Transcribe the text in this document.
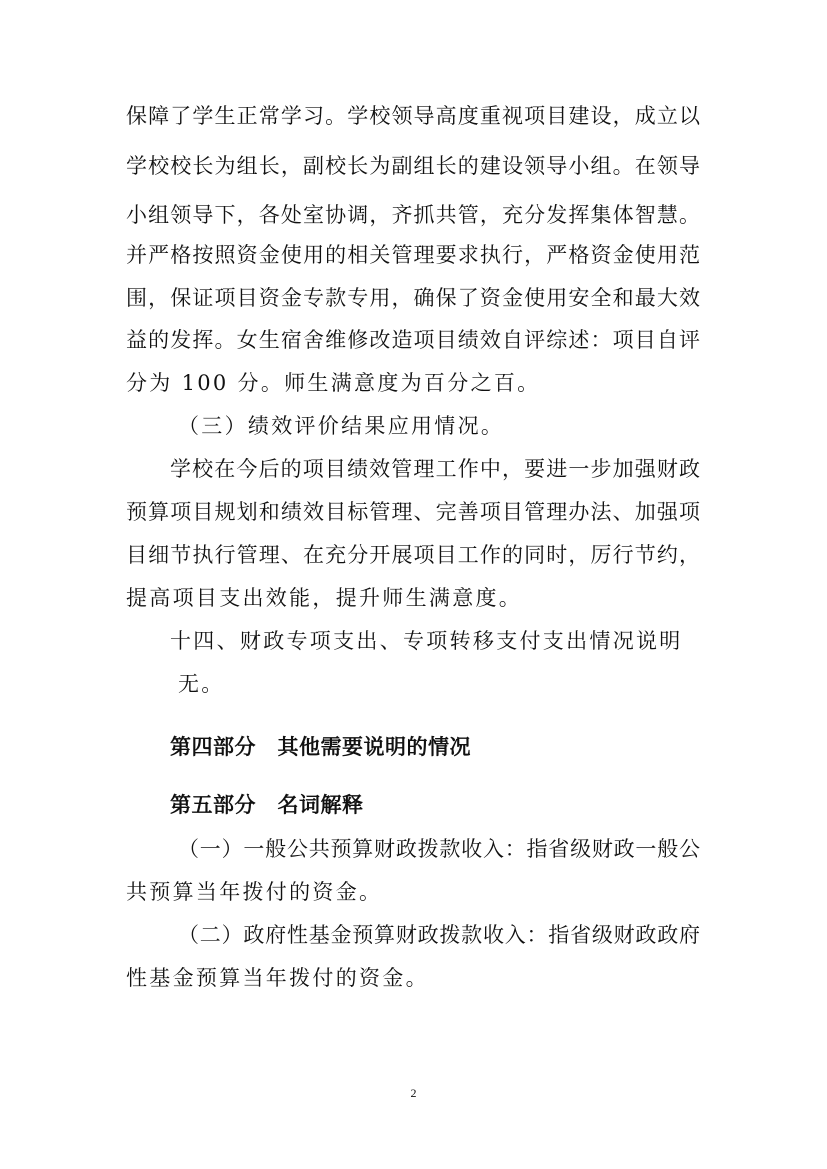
保障了学生正常学习。学校领导高度重视项目建设，成立以
学校校长为组长，副校长为副组长的建设领导小组。在领导
小组领导下，各处室协调，齐抓共管，充分发挥集体智慧。
并严格按照资金使用的相关管理要求执行，严格资金使用范
围，保证项目资金专款专用，确保了资金使用安全和最大效
益的发挥。女生宿舍维修改造项目绩效自评综述：项目自评
分为 100 分。师生满意度为百分之百。
（三）绩效评价结果应用情况。
学校在今后的项目绩效管理工作中，要进一步加强财政
预算项目规划和绩效目标管理、完善项目管理办法、加强项
目细节执行管理、在充分开展项目工作的同时，厉行节约，
提高项目支出效能，提升师生满意度。
十四、财政专项支出、专项转移支付支出情况说明
无。
第四部分　其他需要说明的情况
第五部分　名词解释
（一）一般公共预算财政拨款收入：指省级财政一般公
共预算当年拨付的资金。
（二）政府性基金预算财政拨款收入：指省级财政政府
性基金预算当年拨付的资金。
2
